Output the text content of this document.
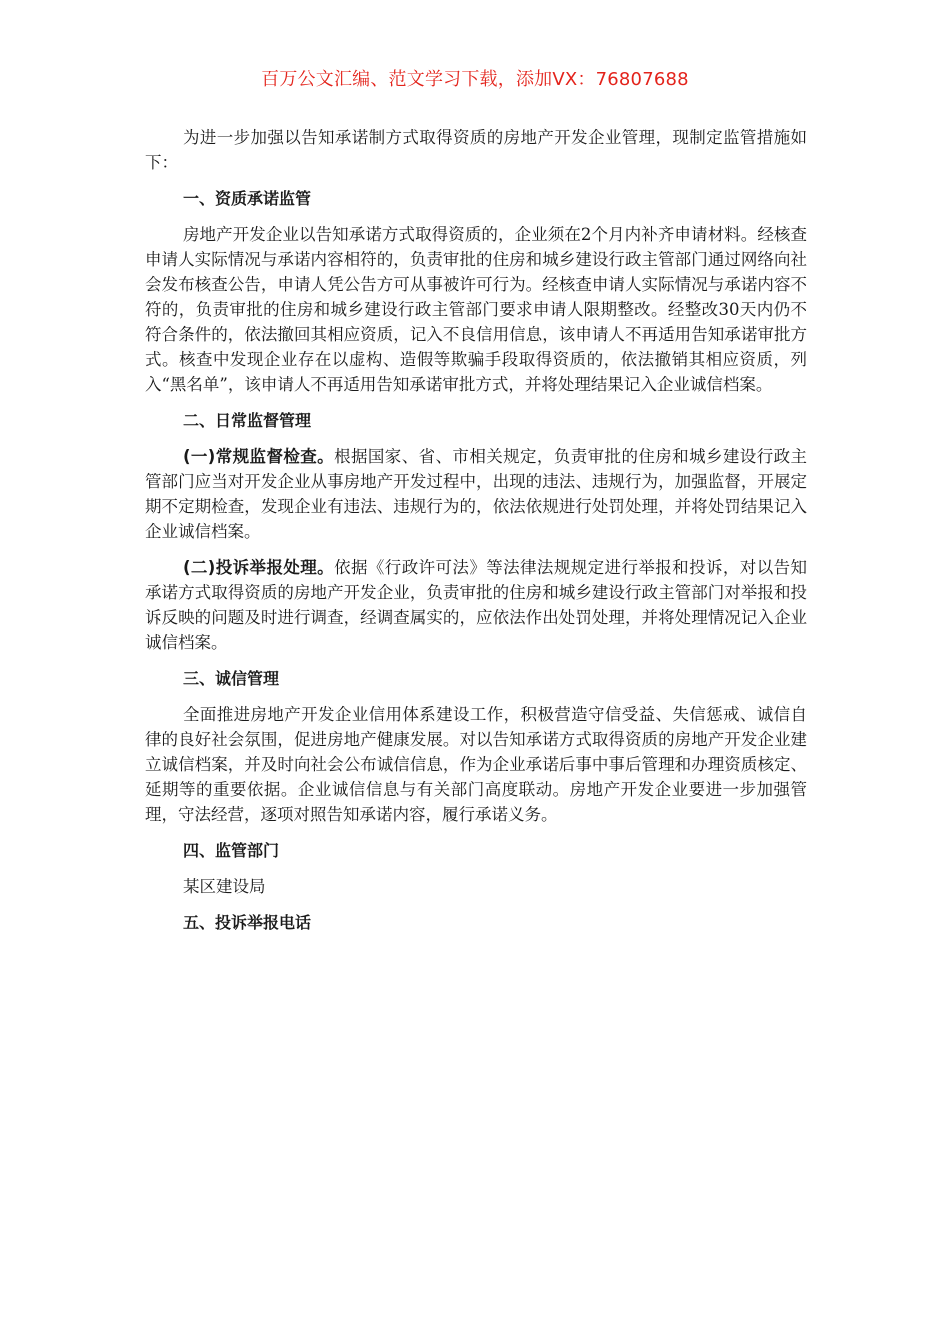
百万公文汇编、范文学习下载，添加VX：76807688

为进一步加强以告知承诺制方式取得资质的房地产开发企业管理，现制定监管措施如下：

一、资质承诺监管

房地产开发企业以告知承诺方式取得资质的，企业须在2个月内补齐申请材料。经核查申请人实际情况与承诺内容相符的，负责审批的住房和城乡建设行政主管部门通过网络向社会发布核查公告，申请人凭公告方可从事被许可行为。经核查申请人实际情况与承诺内容不符的，负责审批的住房和城乡建设行政主管部门要求申请人限期整改。经整改30天内仍不符合条件的，依法撤回其相应资质，记入不良信用信息，该申请人不再适用告知承诺审批方式。核查中发现企业存在以虚构、造假等欺骗手段取得资质的，依法撤销其相应资质，列入“黑名单”，该申请人不再适用告知承诺审批方式，并将处理结果记入企业诚信档案。

二、日常监督管理

(一)常规监督检查。根据国家、省、市相关规定，负责审批的住房和城乡建设行政主管部门应当对开发企业从事房地产开发过程中，出现的违法、违规行为，加强监督，开展定期不定期检查，发现企业有违法、违规行为的，依法依规进行处罚处理，并将处罚结果记入企业诚信档案。

(二)投诉举报处理。依据《行政许可法》等法律法规规定进行举报和投诉，对以告知承诺方式取得资质的房地产开发企业，负责审批的住房和城乡建设行政主管部门对举报和投诉反映的问题及时进行调查，经调查属实的，应依法作出处罚处理，并将处理情况记入企业诚信档案。

三、诚信管理

全面推进房地产开发企业信用体系建设工作，积极营造守信受益、失信惩戒、诚信自律的良好社会氛围，促进房地产健康发展。对以告知承诺方式取得资质的房地产开发企业建立诚信档案，并及时向社会公布诚信信息，作为企业承诺后事中事后管理和办理资质核定、延期等的重要依据。企业诚信信息与有关部门高度联动。房地产开发企业要进一步加强管理，守法经营，逐项对照告知承诺内容，履行承诺义务。

四、监管部门

某区建设局

五、投诉举报电话
